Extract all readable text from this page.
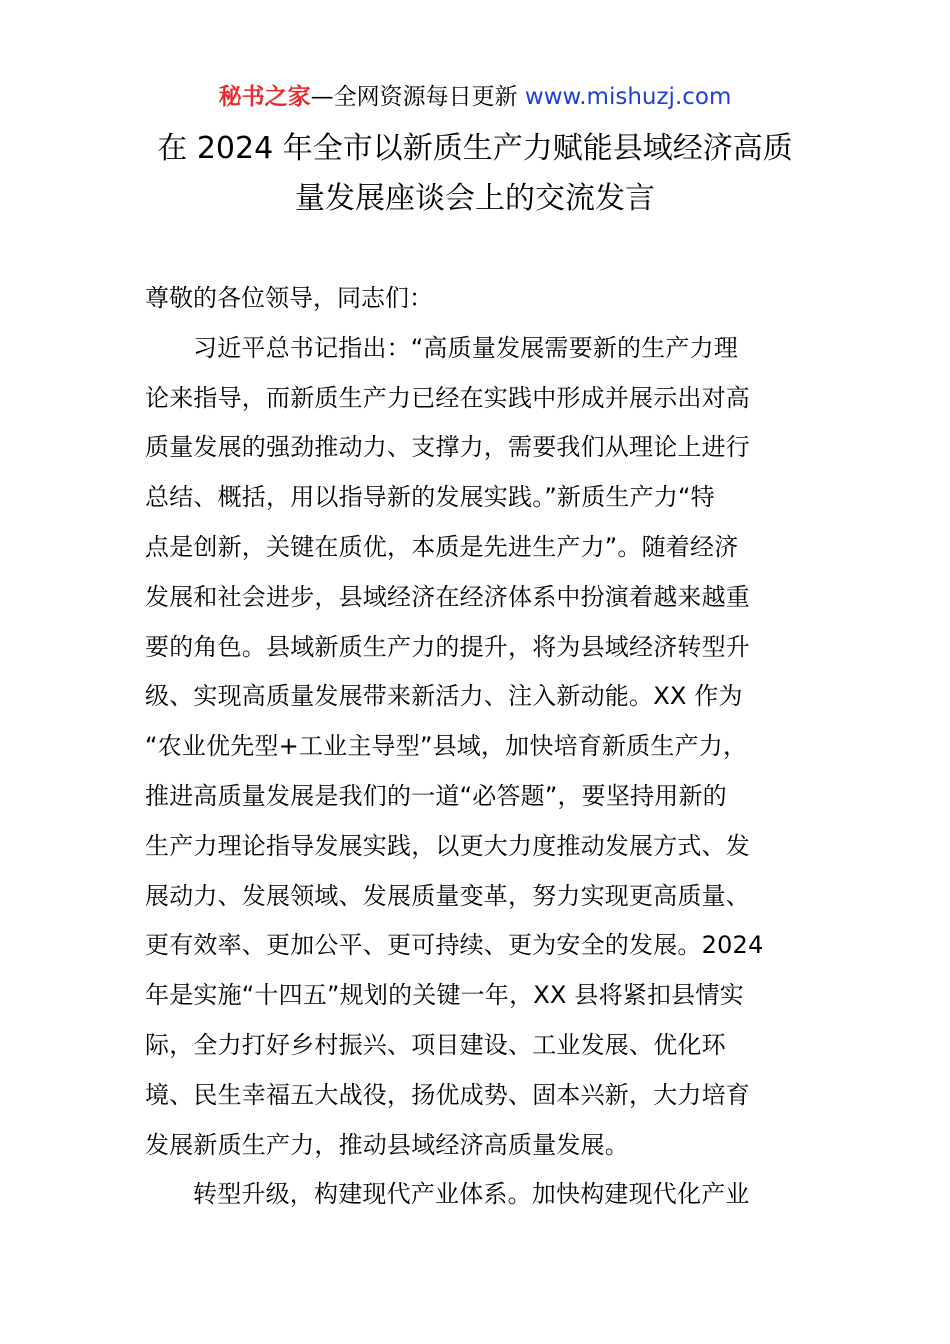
秘书之家—全网资源每日更新 www.mishuzj.com
在 2024 年全市以新质生产力赋能县域经济高质
量发展座谈会上的交流发言
尊敬的各位领导，同志们：
习近平总书记指出：“高质量发展需要新的生产力理
论来指导，而新质生产力已经在实践中形成并展示出对高
质量发展的强劲推动力、支撑力，需要我们从理论上进行
总结、概括，用以指导新的发展实践。”新质生产力“特
点是创新，关键在质优，本质是先进生产力”。随着经济
发展和社会进步，县域经济在经济体系中扮演着越来越重
要的角色。县域新质生产力的提升，将为县域经济转型升
级、实现高质量发展带来新活力、注入新动能。XX 作为
“农业优先型+工业主导型”县域，加快培育新质生产力，
推进高质量发展是我们的一道“必答题”，要坚持用新的
生产力理论指导发展实践，以更大力度推动发展方式、发
展动力、发展领域、发展质量变革，努力实现更高质量、
更有效率、更加公平、更可持续、更为安全的发展。2024
年是实施“十四五”规划的关键一年，XX 县将紧扣县情实
际，全力打好乡村振兴、项目建设、工业发展、优化环
境、民生幸福五大战役，扬优成势、固本兴新，大力培育
发展新质生产力，推动县域经济高质量发展。
转型升级，构建现代产业体系。加快构建现代化产业
